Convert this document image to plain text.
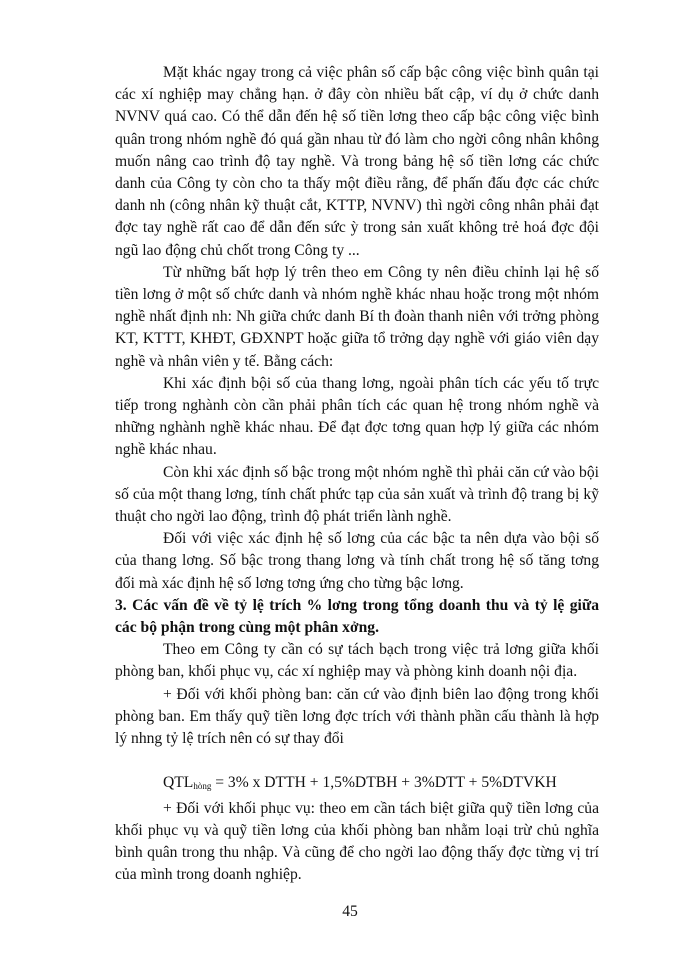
Mặt khác ngay trong cả việc phân số cấp bậc công việc bình quân tại các xí nghiệp may chẳng hạn. ở đây còn nhiều bất cập, ví dụ ở chức danh NVNV quá cao. Có thể dẫn đến hệ số tiền lơng theo cấp bậc công việc bình quân trong nhóm nghề đó quá gần nhau từ đó làm cho ngời công nhân không muốn nâng cao trình độ tay nghề. Và trong bảng hệ số tiền lơng các chức danh của Công ty còn cho ta thấy một điều rằng, để phấn đấu đợc các chức danh nh (công nhân kỹ thuật cắt, KTTP, NVNV) thì ngời công nhân phải đạt đợc tay nghề rất cao để dẫn đến sức ỳ trong sản xuất không trẻ hoá đợc đội ngũ lao động chủ chốt trong Công ty ...

Từ những bất hợp lý trên theo em Công ty nên điều chỉnh lại hệ số tiền lơng ở một số chức danh và nhóm nghề khác nhau hoặc trong một nhóm nghề nhất định nh: Nh giữa chức danh Bí th đoàn thanh niên với trởng phòng KT, KTTT, KHĐT, GĐXNPT hoặc giữa tổ trởng dạy nghề với giáo viên dạy nghề và nhân viên y tế. Bằng cách:

Khi xác định bội số của thang lơng, ngoài phân tích các yếu tố trực tiếp trong nghành còn cần phải phân tích các quan hệ trong nhóm nghề và những nghành nghề khác nhau. Để đạt đợc tơng quan hợp lý giữa các nhóm nghề khác nhau.

Còn khi xác định số bậc trong một nhóm nghề thì phải căn cứ vào bội số của một thang lơng, tính chất phức tạp của sản xuất và trình độ trang bị kỹ thuật cho ngời lao động, trình độ phát triển lành nghề.

Đối với việc xác định hệ số lơng của các bậc ta nên dựa vào bội số của thang lơng. Số bậc trong thang lơng và tính chất trong hệ số tăng tơng đối mà xác định hệ số lơng tơng ứng cho từng bậc lơng.

3. Các vấn đề về tỷ lệ trích % lơng trong tổng doanh thu và tỷ lệ giữa các bộ phận trong cùng một phân xởng.

Theo em Công ty cần có sự tách bạch trong việc trả lơng giữa khối phòng ban, khối phục vụ, các xí nghiệp may và phòng kinh doanh nội địa.

+ Đối với khối phòng ban: căn cứ vào định biên lao động trong khối phòng ban. Em thấy quỹ tiền lơng đợc trích với thành phần cấu thành là hợp lý nhng tỷ lệ trích nên có sự thay đổi

$QTL_{hòng} = 3\%$ x DTTH + 1,5%DTBH + 3%DTT + 5%DTVKH

+ Đối với khối phục vụ: theo em cần tách biệt giữa quỹ tiền lơng của khối phục vụ và quỹ tiền lơng của khối phòng ban nhằm loại trừ chủ nghĩa bình quân trong thu nhập. Và cũng để cho ngời lao động thấy đợc từng vị trí của mình trong doanh nghiệp.

45
